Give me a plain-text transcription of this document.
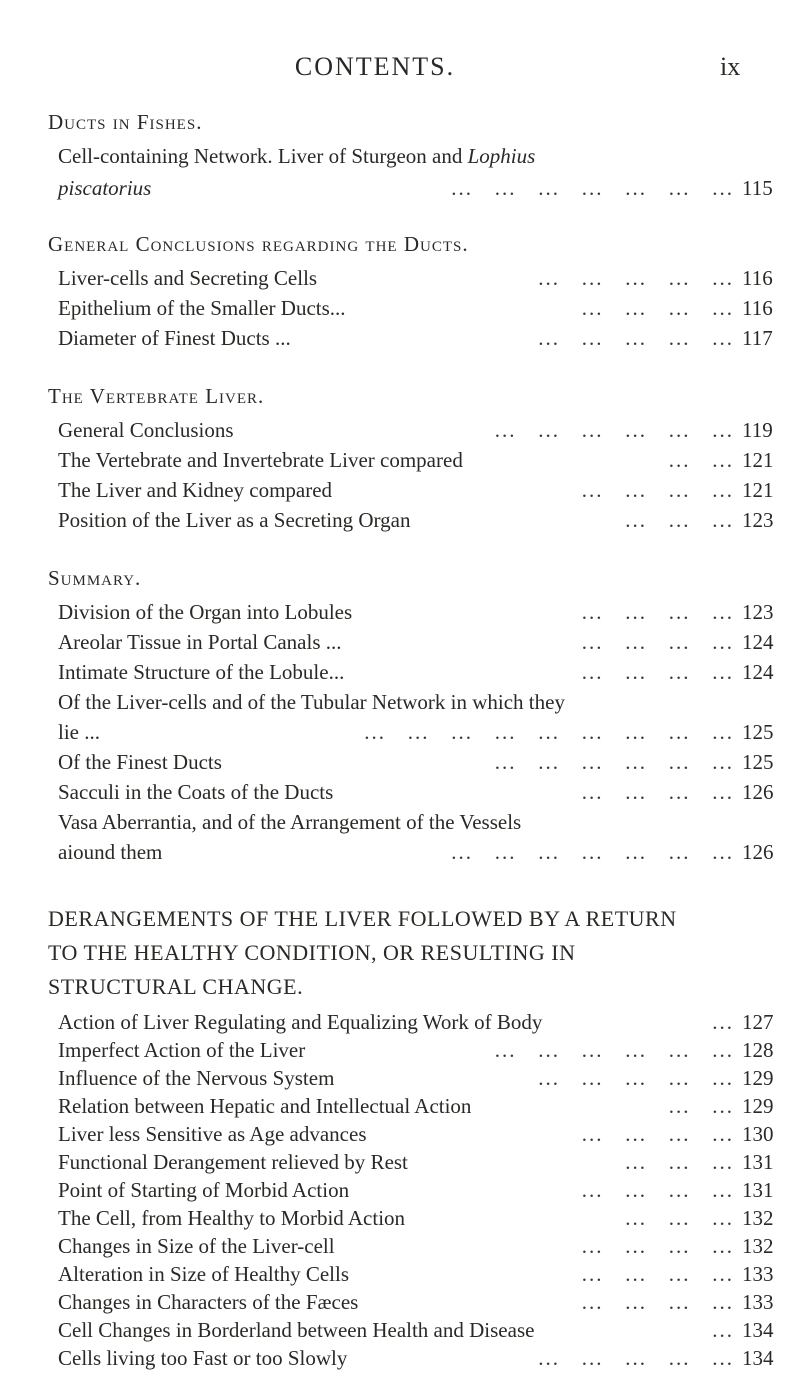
CONTENTS.	ix
Ducts in Fishes.
Cell-containing Network. Liver of Sturgeon and Lophius
piscatorius	...   ...   ...   ...   ...   ...   ... 115
General Conclusions regarding the Ducts.
Liver-cells and Secreting Cells	...   ...   ...   ...   ... 116
Epithelium of the Smaller Ducts...	...   ...   ...   ... 116
Diameter of Finest Ducts ...	...   ...   ...   ...   ... 117
The Vertebrate Liver.
General Conclusions	...   ...   ...   ...   ...   ... 119
The Vertebrate and Invertebrate Liver compared	...   ... 121
The Liver and Kidney compared	...   ...   ...   ... 121
Position of the Liver as a Secreting Organ	...   ...   ... 123
Summary.
Division of the Organ into Lobules	...   ...   ...   ... 123
Areolar Tissue in Portal Canals ...	...   ...   ...   ... 124
Intimate Structure of the Lobule...	...   ...   ...   ... 124
Of the Liver-cells and of the Tubular Network in which they
lie ...	...   ...   ...   ...   ...   ...   ...   ...   ... 125
Of the Finest Ducts	...   ...   ...   ...   ...   ... 125
Sacculi in the Coats of the Ducts	...   ...   ...   ... 126
Vasa Aberrantia, and of the Arrangement of the Vessels
aiound them	...   ...   ...   ...   ...   ...   ... 126
DERANGEMENTS OF THE LIVER FOLLOWED BY A RETURN TO THE HEALTHY CONDITION, OR RESULTING IN STRUCTURAL CHANGE.
Action of Liver Regulating and Equalizing Work of Body	... 127
Imperfect Action of the Liver	...   ...   ...   ...   ...   ... 128
Influence of the Nervous System	...   ...   ...   ...   ... 129
Relation between Hepatic and Intellectual Action	...   ... 129
Liver less Sensitive as Age advances	...   ...   ...   ... 130
Functional Derangement relieved by Rest	...   ...   ... 131
Point of Starting of Morbid Action	...   ...   ...   ... 131
The Cell, from Healthy to Morbid Action	...   ...   ... 132
Changes in Size of the Liver-cell	...   ...   ...   ... 132
Alteration in Size of Healthy Cells	...   ...   ...   ... 133
Changes in Characters of the Fæces	...   ...   ...   ... 133
Cell Changes in Borderland between Health and Disease	... 134
Cells living too Fast or too Slowly	...   ...   ...   ...   ... 134
